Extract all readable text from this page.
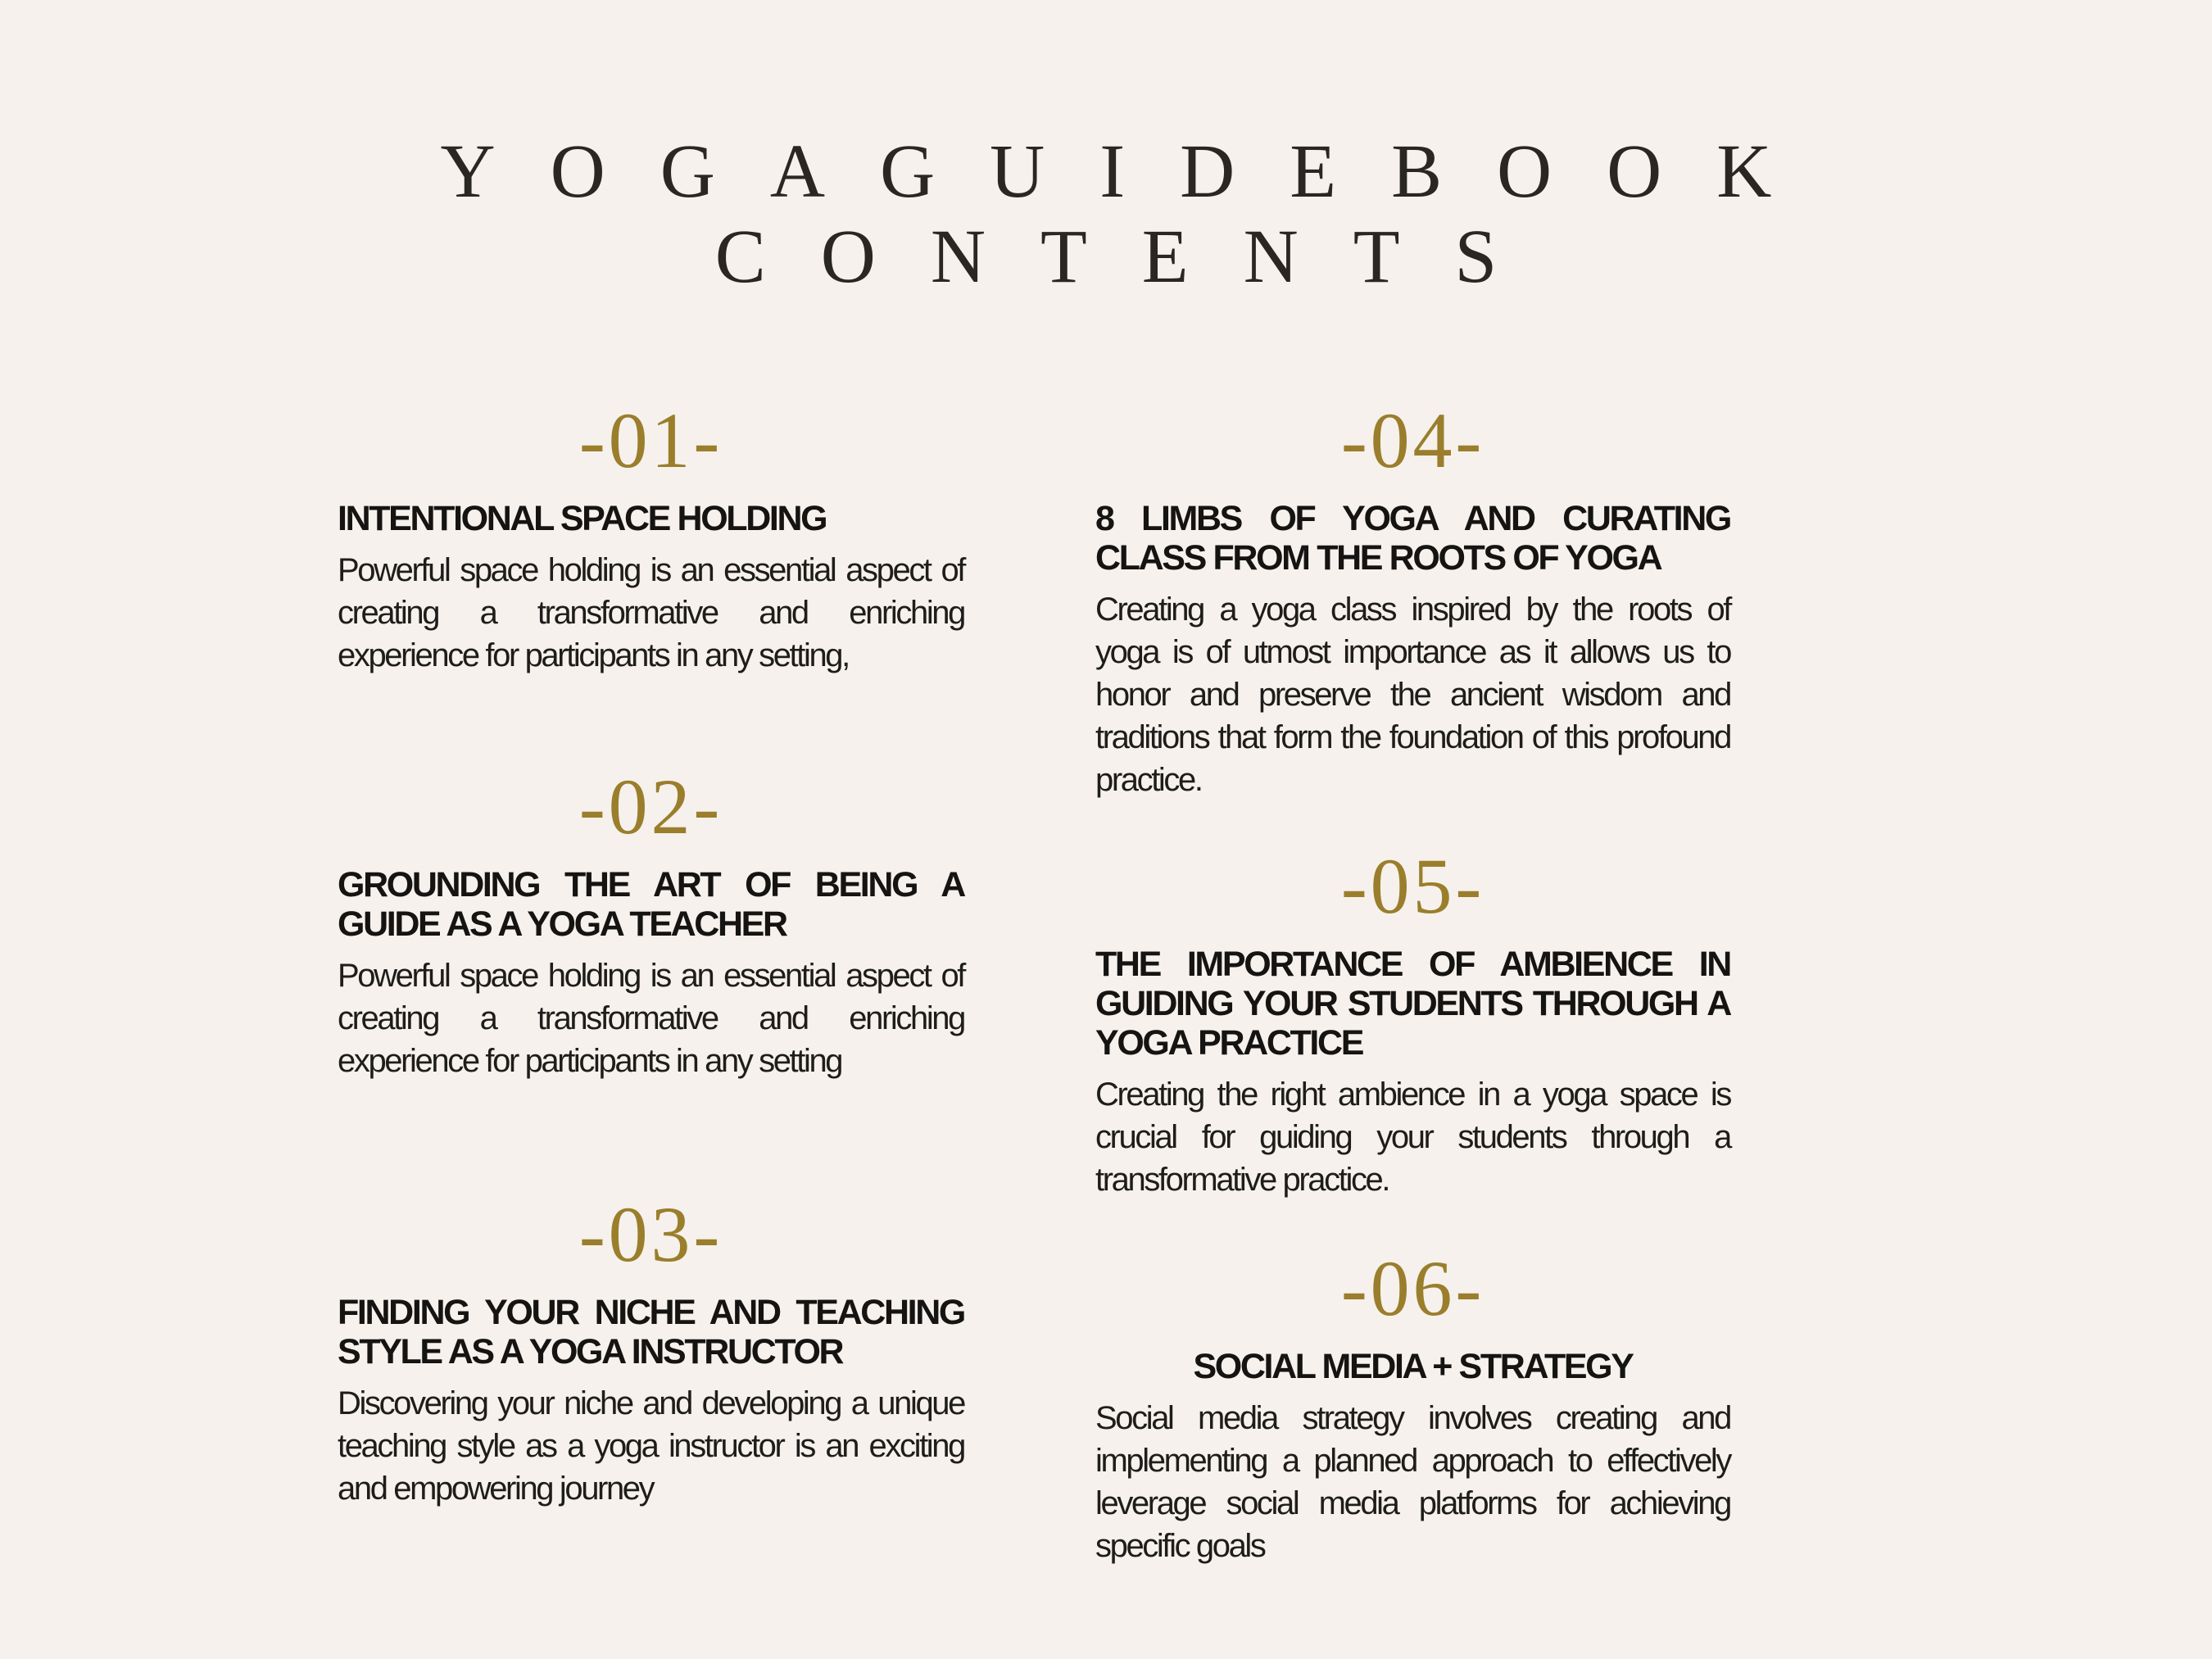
YOGAGUIDEBOOK
CONTENTS
-01-
INTENTIONAL SPACE HOLDING

Powerful space holding is an essential aspect of creating a transformative and enriching experience for participants in any setting,

-02-
GROUNDING THE ART OF BEING A GUIDE AS A YOGA TEACHER

Powerful space holding is an essential aspect of creating a transformative and enriching experience for participants in any setting

-03-
FINDING YOUR NICHE AND TEACHING STYLE AS A YOGA INSTRUCTOR

Discovering your niche and developing a unique teaching style as a yoga instructor is an exciting and empowering journey

-04-
8 LIMBS OF YOGA AND CURATING CLASS FROM THE ROOTS OF YOGA

Creating a yoga class inspired by the roots of yoga is of utmost importance as it allows us to honor and preserve the ancient wisdom and traditions that form the foundation of this profound practice.

-05-
THE IMPORTANCE OF AMBIENCE IN GUIDING YOUR STUDENTS THROUGH A YOGA PRACTICE

Creating the right ambience in a yoga space is crucial for guiding your students through a transformative practice.

-06-
SOCIAL MEDIA + STRATEGY

Social media strategy involves creating and implementing a planned approach to effectively leverage social media platforms for achieving specific goals
